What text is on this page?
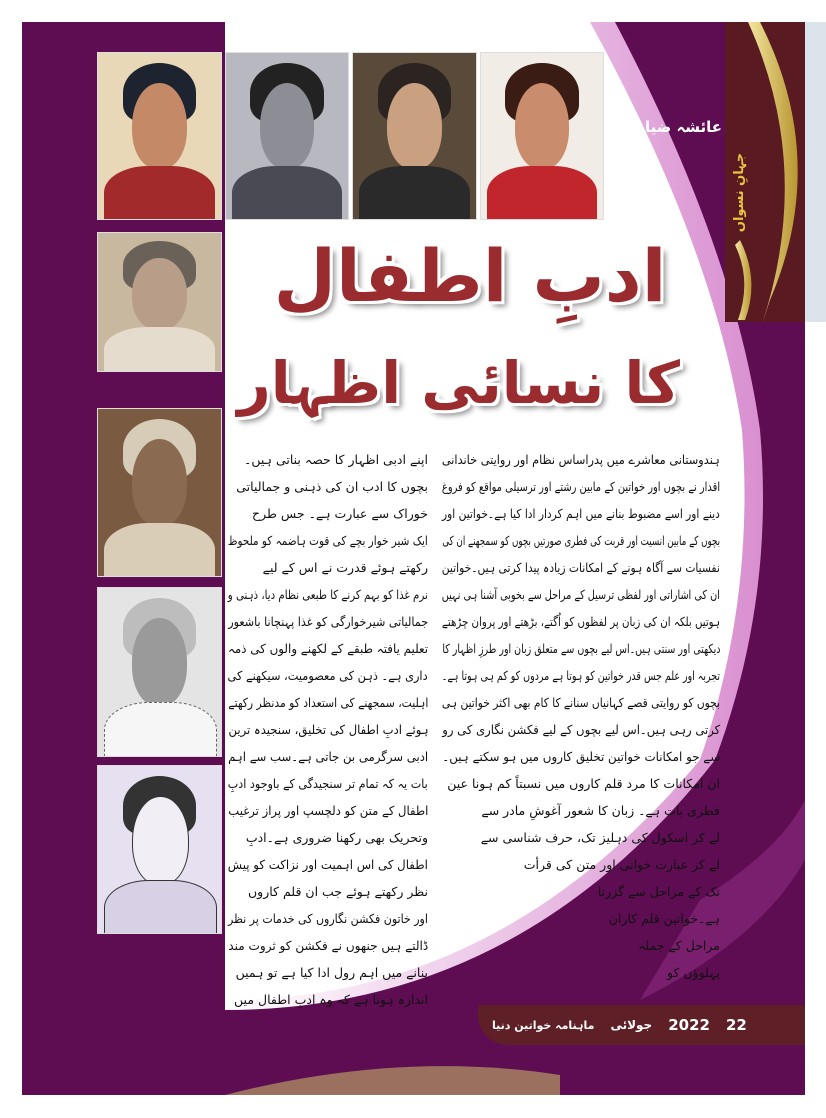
عائشہ ضیا
جہانِ نسواں
ادبِ اطفال
کا نسائی اظہار
ہندوستانی معاشرے میں پدراساس نظام اور روایتی خاندانی
اقدار نے بچوں اور خواتین کے مابین رشتے اور ترسیلی مواقع کو فروغ
دینے اور اسے مضبوط بنانے میں اہم کردار ادا کیا ہے۔خواتین اور
بچوں کے مابین انسیت اور قربت کی فطری صورتیں بچوں کو سمجھنے ان کی
نفسیات سے آگاہ ہونے کے امکانات زیادہ پیدا کرتی ہیں۔خواتین
ان کی اشاراتی اور لفظی ترسیل کے مراحل سے بخوبی آشنا ہی نہیں
ہوتیں بلکہ ان کی زبان پر لفظوں کو اُگتے، بڑھتے اور پروان چڑھتے
دیکھتی اور سنتی ہیں۔اس لیے بچوں سے متعلق زبان اور طرزِ اظہار کا
تجربہ اور علم جس قدر خواتین کو ہوتا ہے مردوں کو کم ہی ہوتا ہے۔
بچوں کو روایتی قصے کہانیاں سنانے کا کام بھی اکثر خواتین ہی
کرتی رہی ہیں۔اس لیے بچوں کے لیے فکشن نگاری کی رو
سے جو امکانات خواتین تخلیق کاروں میں ہو سکتے ہیں۔
ان امکانات کا مرد قلم کاروں میں نسبتاً کم ہونا عین
فطری بات ہے۔ زبان کا شعور آغوشِ مادر سے
لے کر اسکول کی دہلیز تک، حرف شناسی سے
لے کر عبارت خوانی اور متن کی قرأت
تک کے مراحل سے گزرتا
ہے۔خواتین قلم کاران
مراحل کے جملہ
پہلوؤں کو
اپنے ادبی اظہار کا حصہ بناتی ہیں۔
بچوں کا ادب ان کی ذہنی و جمالیاتی
خوراک سے عبارت ہے۔ جس طرح
ایک شیر خوار بچے کی قوت ہاضمہ کو ملحوظ
رکھتے ہوئے قدرت نے اس کے لیے
نرم غذا کو بہم کرنے کا طبعی نظام دیا، ذہنی و
جمالیاتی شیرخوارگی کو غذا پہنچانا باشعور
تعلیم یافتہ طبقے کے لکھنے والوں کی ذمہ
داری ہے۔ ذہن کی معصومیت، سیکھنے کی
اہلیت، سمجھنے کی استعداد کو مدنظر رکھتے
ہوئے ادبِ اطفال کی تخلیق، سنجیدہ ترین
ادبی سرگرمی بن جاتی ہے۔سب سے اہم
بات یہ کہ تمام تر سنجیدگی کے باوجود ادبِ
اطفال کے متن کو دلچسپ اور پراز ترغیب
وتحریک بھی رکھنا ضروری ہے۔ادبِ
اطفال کی اس اہمیت اور نزاکت کو پیش
نظر رکھتے ہوئے جب ان قلم کاروں
اور خاتون فکشن نگاروں کی خدمات پر نظر
ڈالتے ہیں جنھوں نے فکشن کو ثروت مند
بنانے میں اہم رول ادا کیا ہے تو ہمیں
اندازہ ہوتا ہے کہ وہ ادبِ اطفال میں
ماہنامہ خواتین دنیا جولائی 2022 22
